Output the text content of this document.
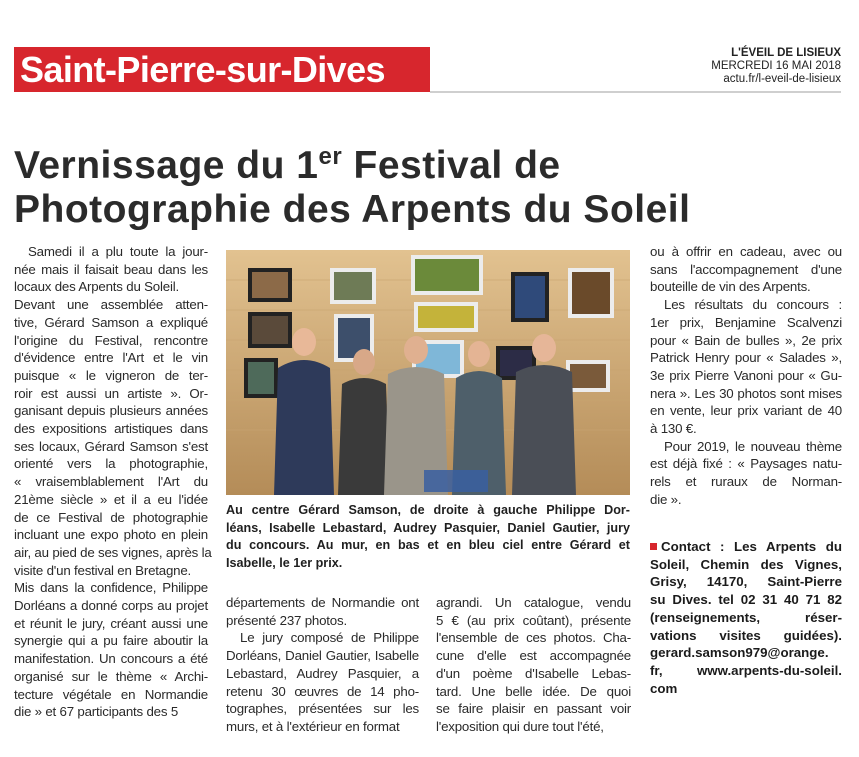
Saint-Pierre-sur-Dives	L'ÉVEIL DE LISIEUX
MERCREDI 16 MAI 2018
actu.fr/l-eveil-de-lisieux
Vernissage du 1er Festival de
Photographie des Arpents du Soleil
Samedi il a plu toute la jour-
née mais il faisait beau dans les
locaux des Arpents du Soleil.
Devant une assemblée atten-
tive, Gérard Samson a expliqué
l'origine du Festival, rencontre
d'évidence entre l'Art et le vin
puisque « le vigneron de ter-
roir est aussi un artiste ». Or-
ganisant depuis plusieurs années
des expositions artistiques dans
ses locaux, Gérard Samson s'est
orienté vers la photographie,
« vraisemblablement l'Art du
21ème siècle » et il a eu l'idée
de ce Festival de photographie
incluant une expo photo en plein
air, au pied de ses vignes, après la
visite d'un festival en Bretagne.
Mis dans la confidence, Philippe
Dorléans a donné corps au projet
et réunit le jury, créant aussi une
synergie qui a pu faire aboutir la
manifestation. Un concours a été
organisé sur le thème « Archi-
tecture végétale en Normandie
die » et 67 participants des 5
départements de Normandie ont
présenté 237 photos.
Le jury composé de Philippe
Dorléans, Daniel Gautier, Isabelle
Lebastard, Audrey Pasquier, a
retenu 30 œuvres de 14 pho-
tographes, présentées sur les
murs, et à l'extérieur en format
agrandi. Un catalogue, vendu
5 € (au prix coûtant), présente
l'ensemble de ces photos. Cha-
cune d'elle est accompagnée
d'un poème d'Isabelle Lebas-
tard. Une belle idée. De quoi
se faire plaisir en passant voir
l'exposition qui dure tout l'été,
ou à offrir en cadeau, avec ou
sans l'accompagnement d'une
bouteille de vin des Arpents.
Les résultats du concours :
1er prix, Benjamine Scalvenzi
pour « Bain de bulles », 2e prix
Patrick Henry pour « Salades »,
3e prix Pierre Vanoni pour « Gu-
nera ». Les 30 photos sont mises
en vente, leur prix variant de 40
à 130 €.
Pour 2019, le nouveau thème
est déjà fixé : « Paysages natu-
rels et ruraux de Norman-
die ».
Au centre Gérard Samson, de droite à gauche Philippe Dor-
léans, Isabelle Lebastard, Audrey Pasquier, Daniel Gautier, jury
du concours. Au mur, en bas et en bleu ciel entre Gérard et
Isabelle, le 1er prix.
Contact : Les Arpents du
Soleil, Chemin des Vignes,
Grisy, 14170, Saint-Pierre
su Dives. tel 02 31 40 71 82
(renseignements, réser-
vations visites guidées).
gerard.samson979@orange.
fr, www.arpents-du-soleil.
com
